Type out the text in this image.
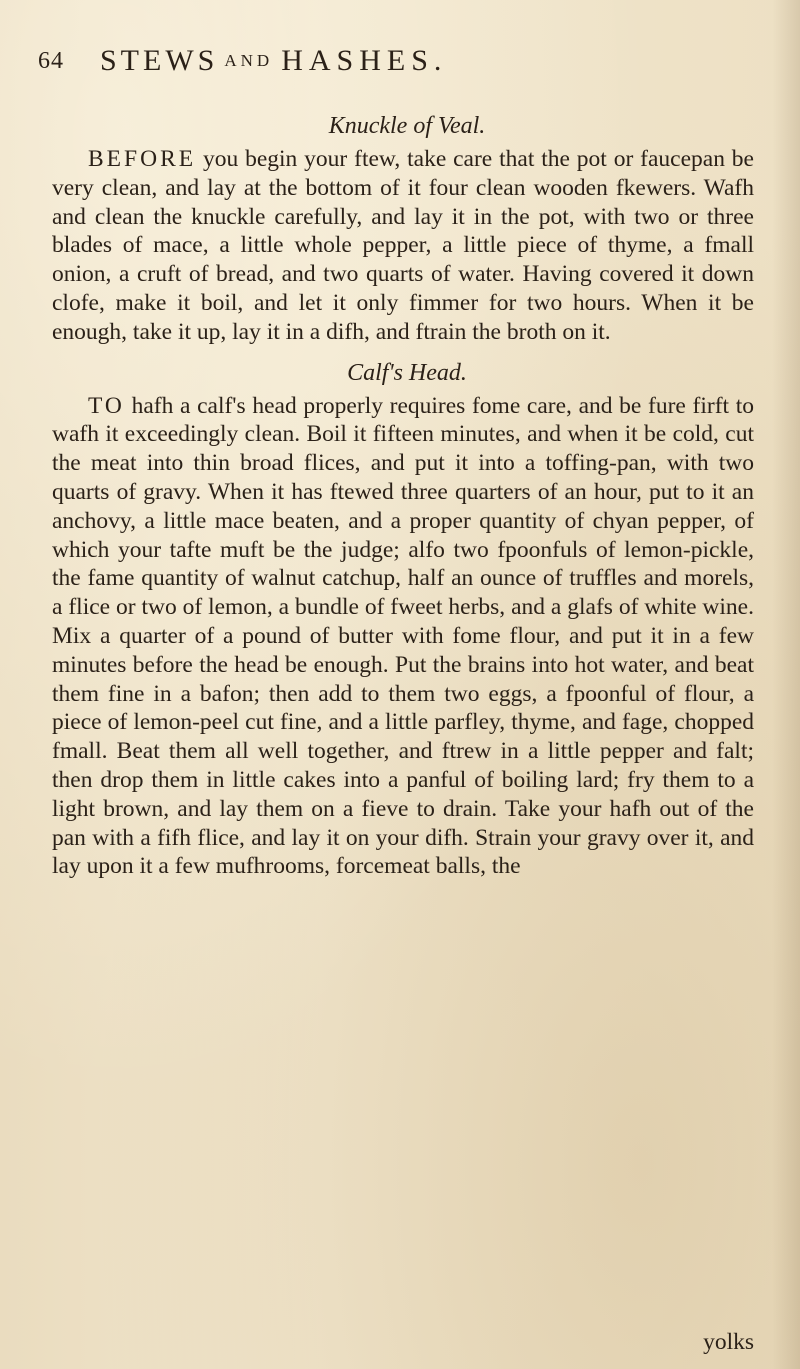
64 STEWS AND HASHES.
Knuckle of Veal.

BEFORE you begin your ftew, take care that the pot or faucepan be very clean, and lay at the bottom of it four clean wooden fkewers. Wafh and clean the knuckle carefully, and lay it in the pot, with two or three blades of mace, a little whole pepper, a little piece of thyme, a fmall onion, a cruft of bread, and two quarts of water. Having covered it down clofe, make it boil, and let it only fimmer for two hours. When it be enough, take it up, lay it in a difh, and ftrain the broth on it.

Calf's Head.

TO hafh a calf's head properly requires fome care, and be fure firft to wafh it exceedingly clean. Boil it fifteen minutes, and when it be cold, cut the meat into thin broad flices, and put it into a toffing-pan, with two quarts of gravy. When it has ftewed three quarters of an hour, put to it an anchovy, a little mace beaten, and a proper quantity of chyan pepper, of which your tafte muft be the judge; alfo two fpoonfuls of lemon-pickle, the fame quantity of walnut catchup, half an ounce of truffles and morels, a flice or two of lemon, a bundle of fweet herbs, and a glafs of white wine. Mix a quarter of a pound of butter with fome flour, and put it in a few minutes before the head be enough. Put the brains into hot water, and beat them fine in a bafon; then add to them two eggs, a fpoonful of flour, a piece of lemon-peel cut fine, and a little parfley, thyme, and fage, chopped fmall. Beat them all well together, and ftrew in a little pepper and falt; then drop them in little cakes into a panful of boiling lard; fry them to a light brown, and lay them on a fieve to drain. Take your hafh out of the pan with a fifh flice, and lay it on your difh. Strain your gravy over it, and lay upon it a few mufhrooms, forcemeat balls, the

yolks
